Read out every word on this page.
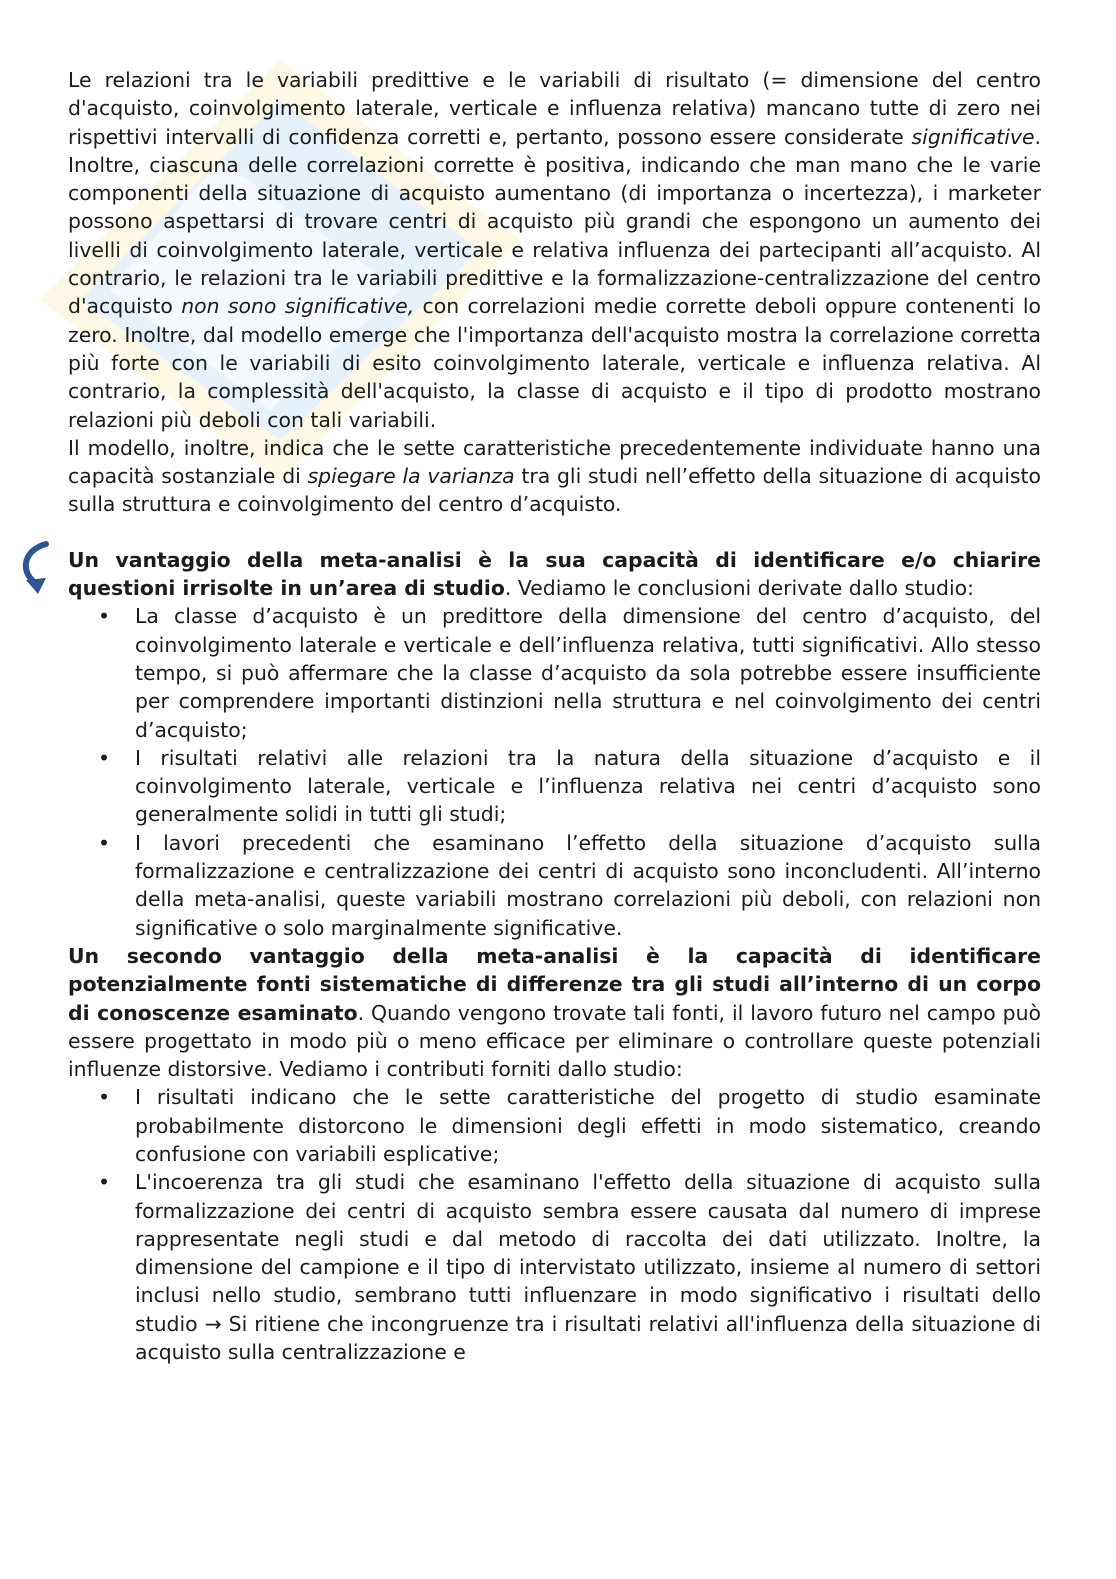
Le relazioni tra le variabili predittive e le variabili di risultato (= dimensione del centro d'acquisto, coinvolgimento laterale, verticale e influenza relativa) mancano tutte di zero nei rispettivi intervalli di confidenza corretti e, pertanto, possono essere considerate significative. Inoltre, ciascuna delle correlazioni corrette è positiva, indicando che man mano che le varie componenti della situazione di acquisto aumentano (di importanza o incertezza), i marketer possono aspettarsi di trovare centri di acquisto più grandi che espongono un aumento dei livelli di coinvolgimento laterale, verticale e relativa influenza dei partecipanti all’acquisto. Al contrario, le relazioni tra le variabili predittive e la formalizzazione-centralizzazione del centro d'acquisto non sono significative, con correlazioni medie corrette deboli oppure contenenti lo zero. Inoltre, dal modello emerge che l'importanza dell'acquisto mostra la correlazione corretta più forte con le variabili di esito coinvolgimento laterale, verticale e influenza relativa. Al contrario, la complessità dell'acquisto, la classe di acquisto e il tipo di prodotto mostrano relazioni più deboli con tali variabili.

Il modello, inoltre, indica che le sette caratteristiche precedentemente individuate hanno una capacità sostanziale di spiegare la varianza tra gli studi nell’effetto della situazione di acquisto sulla struttura e coinvolgimento del centro d’acquisto.

Un vantaggio della meta-analisi è la sua capacità di identificare e/o chiarire questioni irrisolte in un’area di studio. Vediamo le conclusioni derivate dallo studio:

• La classe d’acquisto è un predittore della dimensione del centro d’acquisto, del coinvolgimento laterale e verticale e dell’influenza relativa, tutti significativi. Allo stesso tempo, si può affermare che la classe d’acquisto da sola potrebbe essere insufficiente per comprendere importanti distinzioni nella struttura e nel coinvolgimento dei centri d’acquisto;
• I risultati relativi alle relazioni tra la natura della situazione d’acquisto e il coinvolgimento laterale, verticale e l’influenza relativa nei centri d’acquisto sono generalmente solidi in tutti gli studi;
• I lavori precedenti che esaminano l’effetto della situazione d’acquisto sulla formalizzazione e centralizzazione dei centri di acquisto sono inconcludenti. All’interno della meta-analisi, queste variabili mostrano correlazioni più deboli, con relazioni non significative o solo marginalmente significative.

Un secondo vantaggio della meta-analisi è la capacità di identificare potenzialmente fonti sistematiche di differenze tra gli studi all’interno di un corpo di conoscenze esaminato. Quando vengono trovate tali fonti, il lavoro futuro nel campo può essere progettato in modo più o meno efficace per eliminare o controllare queste potenziali influenze distorsive. Vediamo i contributi forniti dallo studio:

• I risultati indicano che le sette caratteristiche del progetto di studio esaminate probabilmente distorcono le dimensioni degli effetti in modo sistematico, creando confusione con variabili esplicative;
• L'incoerenza tra gli studi che esaminano l'effetto della situazione di acquisto sulla formalizzazione dei centri di acquisto sembra essere causata dal numero di imprese rappresentate negli studi e dal metodo di raccolta dei dati utilizzato. Inoltre, la dimensione del campione e il tipo di intervistato utilizzato, insieme al numero di settori inclusi nello studio, sembrano tutti influenzare in modo significativo i risultati dello studio → Si ritiene che incongruenze tra i risultati relativi all'influenza della situazione di acquisto sulla centralizzazione e
